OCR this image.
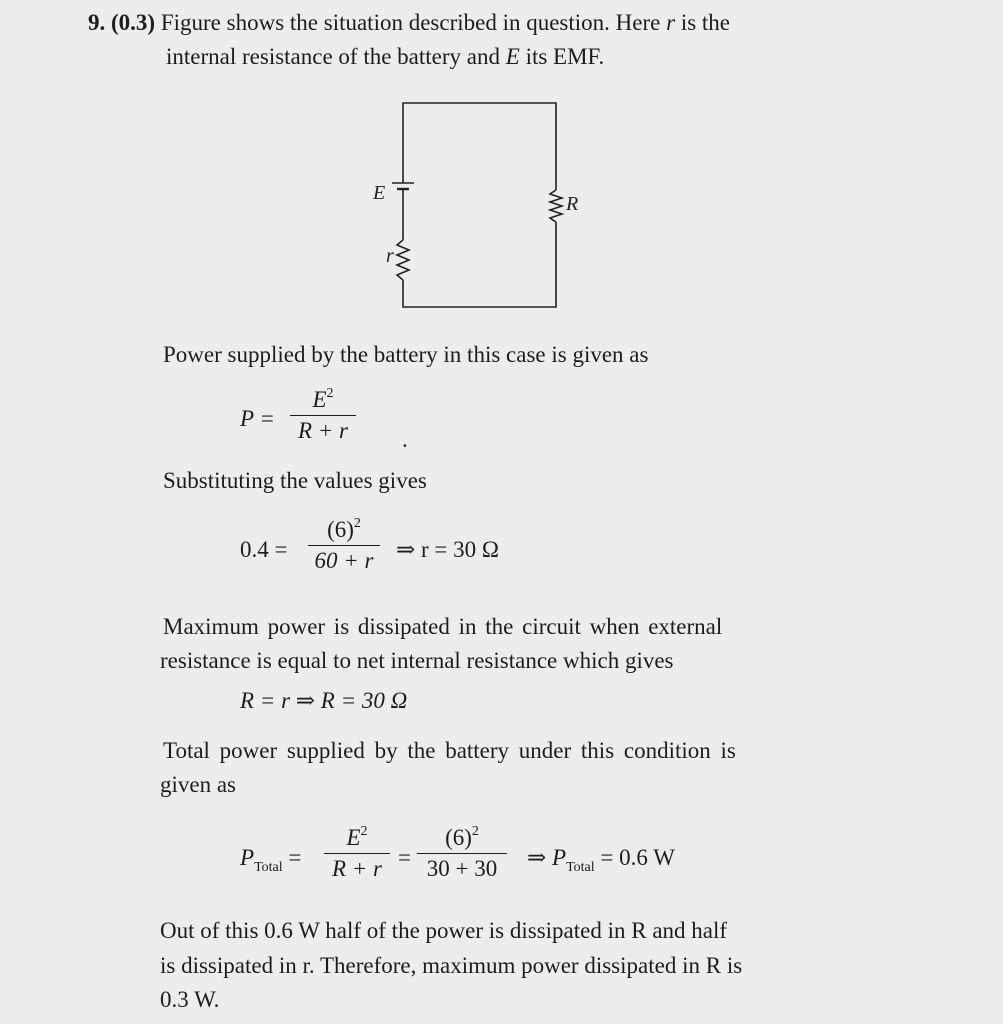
9. (0.3) Figure shows the situation described in question. Here r is the
internal resistance of the battery and E its EMF.
E	R
r
Power supplied by the battery in this case is given as
P =
$E^2$
R + r	.
Substituting the values gives
0.4 =
$(6)^2$
60 + r ⇒ r = 30 Ω
Maximum power is dissipated in the circuit when external
resistance is equal to net internal resistance which gives
R = r ⇒ R = 30 Ω
Total power supplied by the battery under this condition is
given as
$P_{Total}$ =
$E^2$
R + r =
$(6)^2$
30 + 30	⇒ $P_{Total} = 0.6$ W
Out of this 0.6 W half of the power is dissipated in R and half
is dissipated in r. Therefore, maximum power dissipated in R is
0.3 W.
